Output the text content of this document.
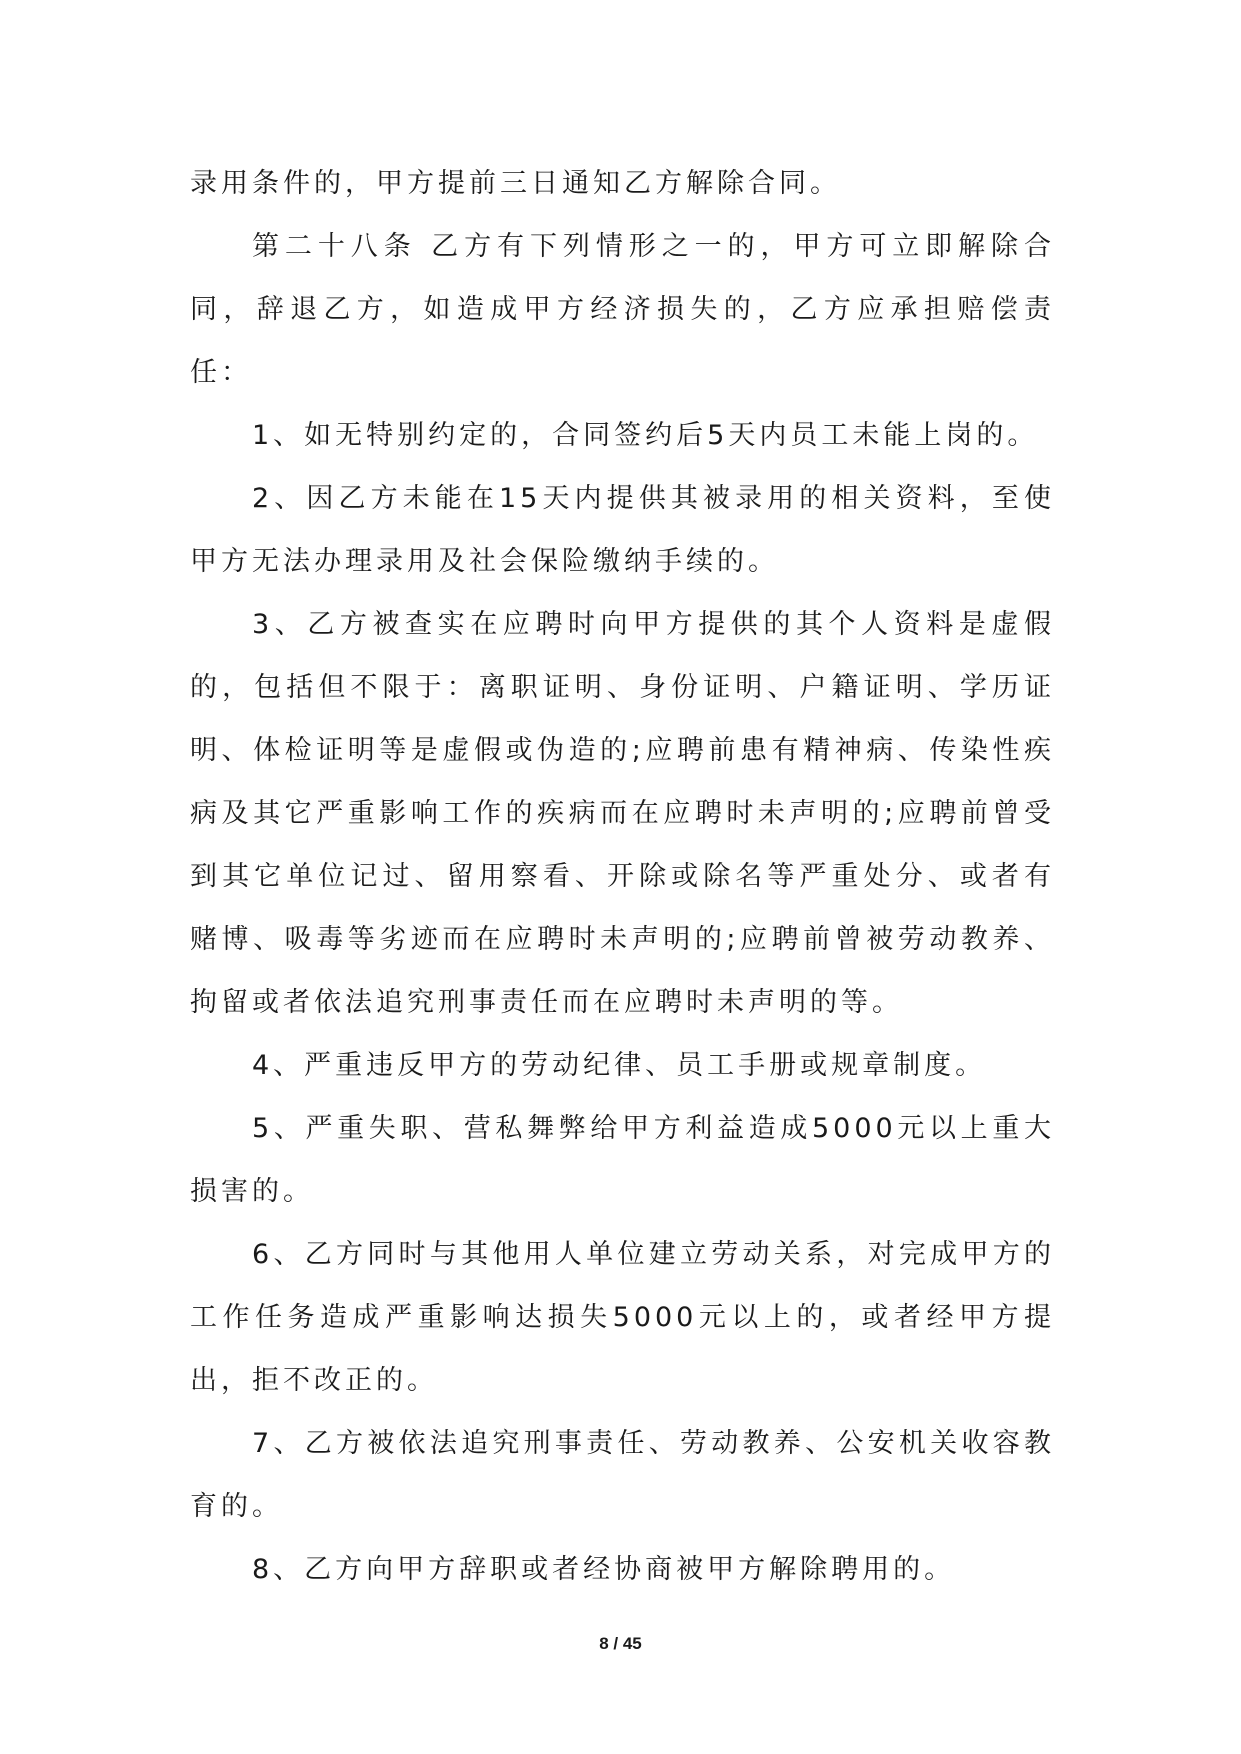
录用条件的，甲方提前三日通知乙方解除合同。

第二十八条 乙方有下列情形之一的，甲方可立即解除合同，辞退乙方，如造成甲方经济损失的，乙方应承担赔偿责任：

1、如无特别约定的，合同签约后5天内员工未能上岗的。

2、因乙方未能在15天内提供其被录用的相关资料，至使甲方无法办理录用及社会保险缴纳手续的。

3、乙方被查实在应聘时向甲方提供的其个人资料是虚假的，包括但不限于：离职证明、身份证明、户籍证明、学历证明、体检证明等是虚假或伪造的;应聘前患有精神病、传染性疾病及其它严重影响工作的疾病而在应聘时未声明的;应聘前曾受到其它单位记过、留用察看、开除或除名等严重处分、或者有赌博、吸毒等劣迹而在应聘时未声明的;应聘前曾被劳动教养、拘留或者依法追究刑事责任而在应聘时未声明的等。

4、严重违反甲方的劳动纪律、员工手册或规章制度。

5、严重失职、营私舞弊给甲方利益造成5000元以上重大损害的。

6、乙方同时与其他用人单位建立劳动关系，对完成甲方的工作任务造成严重影响达损失5000元以上的，或者经甲方提出，拒不改正的。

7、乙方被依法追究刑事责任、劳动教养、公安机关收容教育的。

8、乙方向甲方辞职或者经协商被甲方解除聘用的。

8 / 45
